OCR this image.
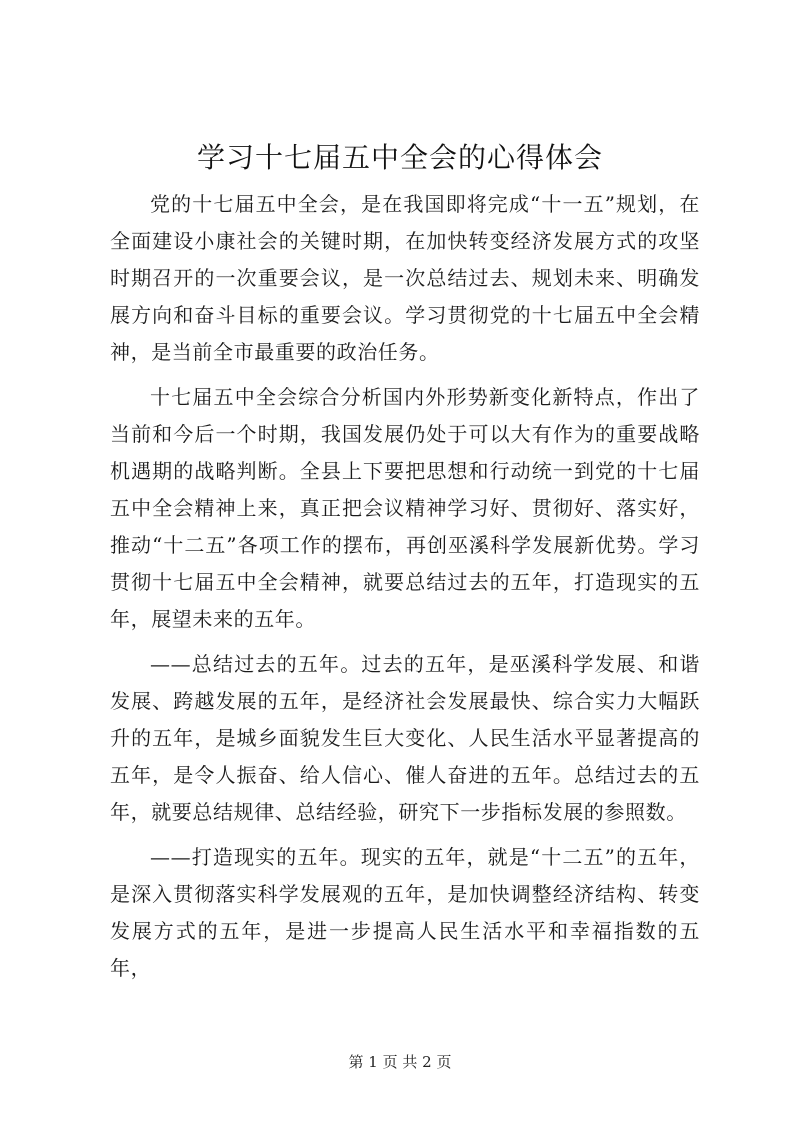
学习十七届五中全会的心得体会

党的十七届五中全会，是在我国即将完成“十一五”规划，在全面建设小康社会的关键时期，在加快转变经济发展方式的攻坚时期召开的一次重要会议，是一次总结过去、规划未来、明确发展方向和奋斗目标的重要会议。学习贯彻党的十七届五中全会精神，是当前全市最重要的政治任务。

十七届五中全会综合分析国内外形势新变化新特点，作出了当前和今后一个时期，我国发展仍处于可以大有作为的重要战略机遇期的战略判断。全县上下要把思想和行动统一到党的十七届五中全会精神上来，真正把会议精神学习好、贯彻好、落实好，推动“十二五”各项工作的摆布，再创巫溪科学发展新优势。学习贯彻十七届五中全会精神，就要总结过去的五年，打造现实的五年，展望未来的五年。

——总结过去的五年。过去的五年，是巫溪科学发展、和谐发展、跨越发展的五年，是经济社会发展最快、综合实力大幅跃升的五年，是城乡面貌发生巨大变化、人民生活水平显著提高的五年，是令人振奋、给人信心、催人奋进的五年。总结过去的五年，就要总结规律、总结经验，研究下一步指标发展的参照数。

——打造现实的五年。现实的五年，就是“十二五”的五年，是深入贯彻落实科学发展观的五年，是加快调整经济结构、转变发展方式的五年，是进一步提高人民生活水平和幸福指数的五年，

第 1 页 共 2 页
